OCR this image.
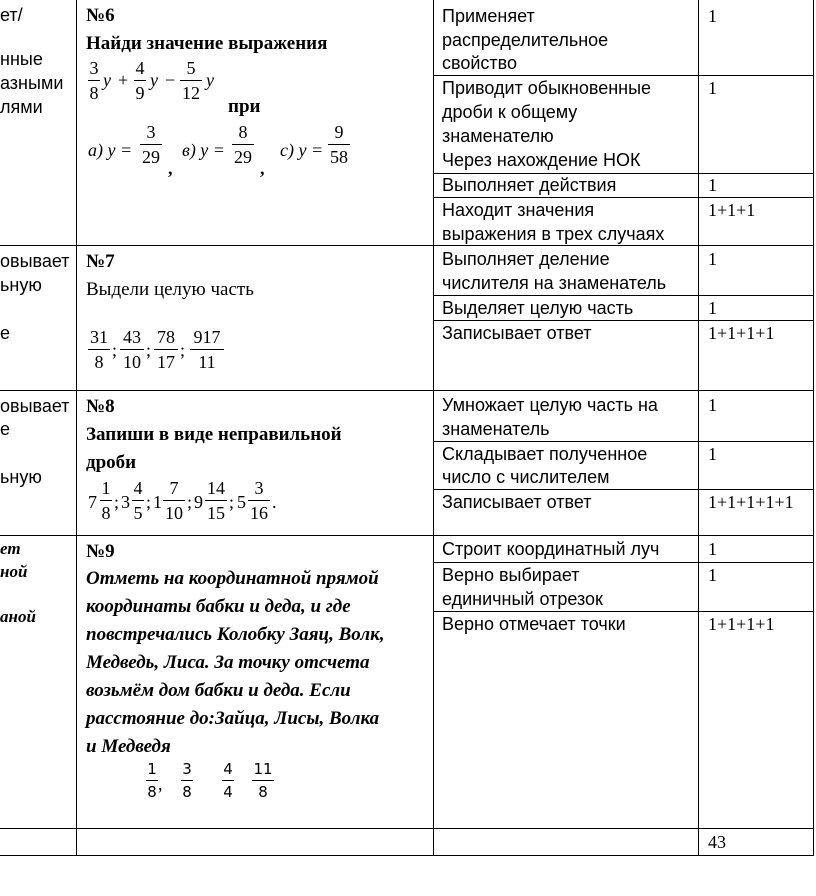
ет/
нные
азными
лями
овывает
ьную
е
овывает
е
ьную
ет
ной
аной
№6
Найди значение выражения
3
8
y +
4
9
y −
5
12
y
при
a) y =
3
29
,
в) y =
8
29
,
c) y =
9
58
№7
Выдели целую часть
31
8
;
43
10
;
78
17
;
917
11
№8
Запиши в виде неправильной
дроби
7
1
8
; 3
4
5
; 1
7
10
; 9
14
15
; 5
3
16
.
№9
Отметь на координатной прямой
координаты бабки и деда, и где
повстречались Колобку Заяц, Волк,
Медведь, Лиса. За точку отсчета
возьмём дом бабки и деда. Если
расстояние до:Зайца, Лисы, Волка
и Медведя
1
8 ,
3
8
4
4
11
8
Применяет
распределительное
свойство
Приводит обыкновенные
дроби к общему
знаменателю
Через нахождение НОК
Выполняет действия
Находит значения
выражения в трех случаях
Выполняет деление
числителя на знаменатель
Выделяет целую часть
Записывает ответ
Умножает целую часть на
знаменатель
Складывает полученное
число с числителем
Записывает ответ
Строит координатный луч
Верно выбирает
единичный отрезок
Верно отмечает точки
1
1
1
1+1+1
1
1
1+1+1+1
1
1
1+1+1+1+1
1
1
1+1+1+1
43
